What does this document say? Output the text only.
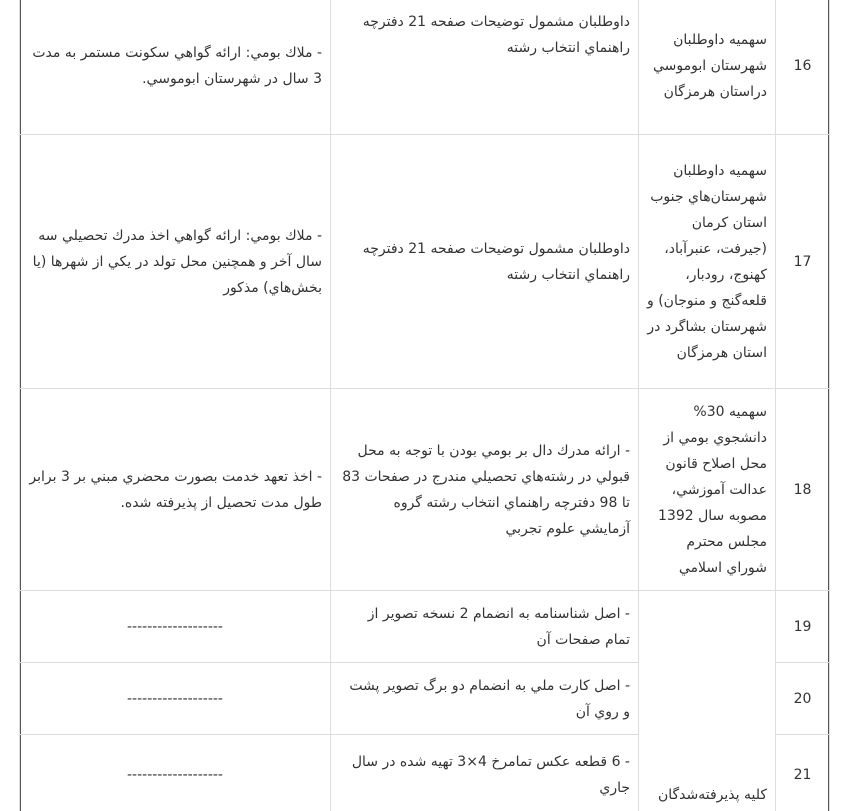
16	سهميه داوطلبان شهرستان ابوموسي دراستان هرمزگان	داوطلبان مشمول توضيحات صفحه 21 دفترچه راهنماي انتخاب رشته	- ملاك بومي: ارائه گواهي سكونت مستمر به مدت 3 سال در شهرستان ابوموسي.
17	سهميه داوطلبان شهرستان‌هاي جنوب استان كرمان (جيرفت، عنبرآباد، كهنوج، رودبار، قلعه‌گنج و منوجان) و شهرستان بشاگرد در استان هرمزگان	داوطلبان مشمول توضيحات صفحه 21 دفترچه راهنماي انتخاب رشته	- ملاك بومي: ارائه گواهي اخذ مدرك تحصيلي سه سال آخر و همچنين محل تولد در يكي از شهرها (يا بخش‌هاي) مذكور
18	سهميه 30% دانشجوي بومي از محل اصلاح قانون عدالت آموزشي، مصوبه سال 1392 مجلس محترم شوراي اسلامي	- ارائه مدرك دال بر بومي بودن با توجه به محل قبولي در رشته‌هاي تحصيلي مندرج در صفحات 83 تا 98 دفترچه راهنماي انتخاب رشته گروه آزمايشي علوم تجربي	- اخذ تعهد خدمت بصورت محضري مبني بر 3 برابر طول مدت تحصيل از پذيرفته شده.
19	كليه پذيرفته‌شدگان	- اصل شناسنامه به انضمام 2 نسخه تصوير از تمام صفحات آن	-------------------
20		- اصل كارت ملي به انضمام دو برگ تصوير پشت و روي آن	-------------------
21		- 6 قطعه عكس تمامرخ 4×3 تهيه شده در سال جاري	-------------------
